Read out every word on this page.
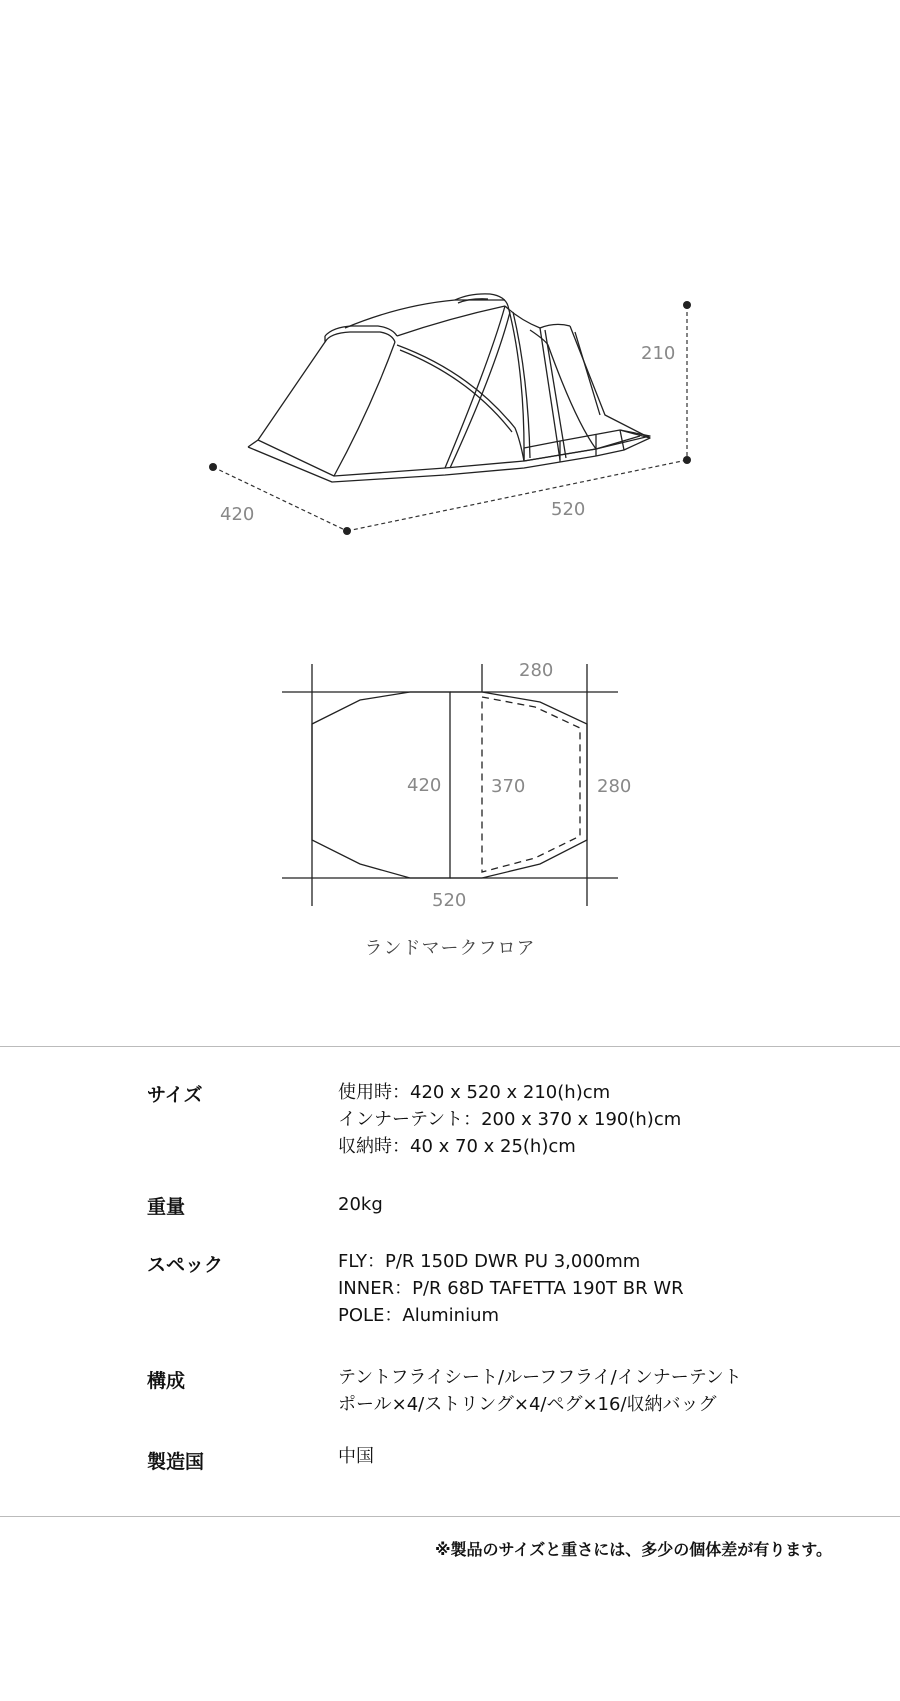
210
420	520
280
420	370	280
520
ランドマークフロア
サイズ	使用時：420 x 520 x 210(h)cm
インナーテント：200 x 370 x 190(h)cm
収納時：40 x 70 x 25(h)cm
重量	20kg
スペック	FLY：P/R 150D DWR PU 3,000mm
INNER：P/R 68D TAFETTA 190T BR WR
POLE：Aluminium
構成	テントフライシート/ルーフフライ/インナーテント
ポール×4/ストリング×4/ペグ×16/収納バッグ
製造国	中国
※製品のサイズと重さには、多少の個体差が有ります。
